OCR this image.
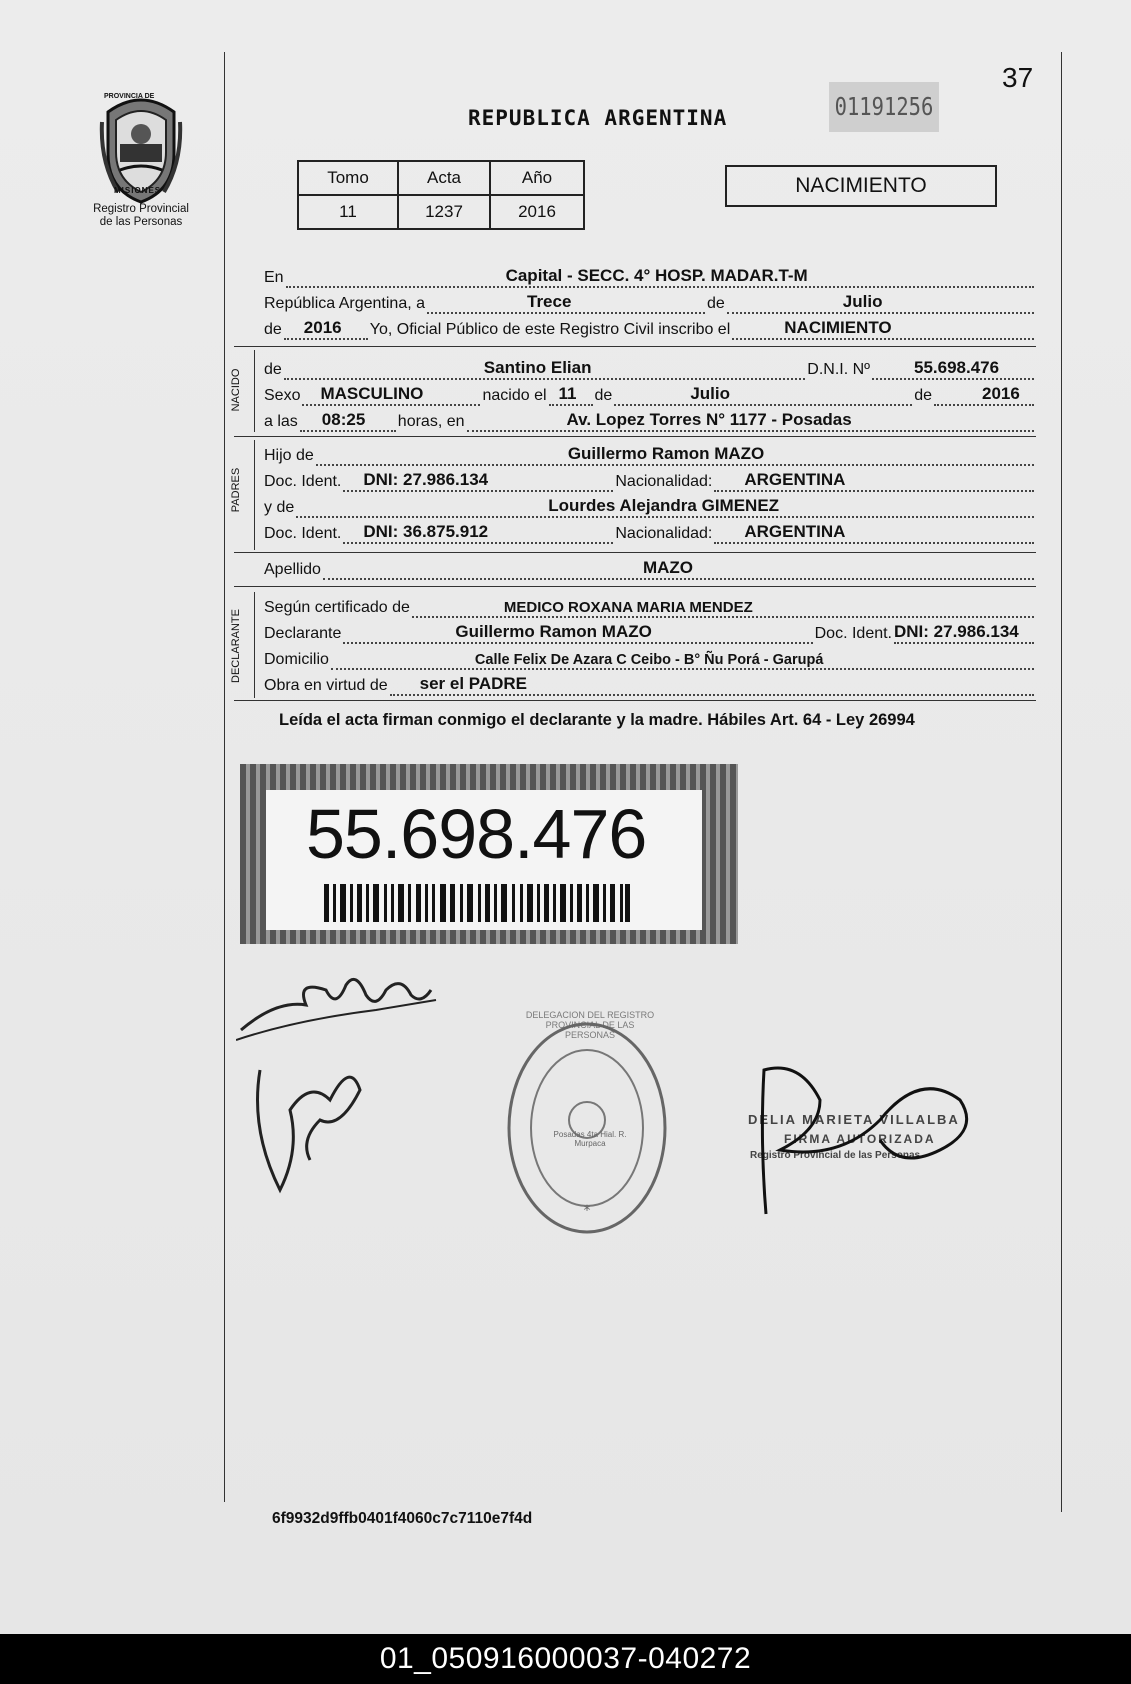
Registro Provincial
de las Personas
PROVINCIA DE
MISIONES
37
REPUBLICA ARGENTINA	01191256
Tomo	Acta	Año
11	1237	2016
NACIMIENTO
En	Capital - SECC. 4° HOSP. MADAR.T-M
República Argentina, a	Trece	de	Julio
de 2016 Yo, Oficial Público de este Registro Civil inscribo el	NACIMIENTO
NACIDO de	Santino Elian	D.N.I. Nº	55.698.476
Sexo MASCULINO	nacido el 11 de	Julio	de	2016
a las 08:25 horas, en	Av. Lopez Torres N° 1177 - Posadas
PADRES
Hijo de	Guillermo Ramon MAZO
Doc. Ident. DNI: 27.986.134	Nacionalidad: ARGENTINA
y de	Lourdes Alejandra GIMENEZ
Doc. Ident. DNI: 36.875.912	Nacionalidad: ARGENTINA
Apellido	MAZO
DECLARANTE
Según certificado de	MEDICO ROXANA MARIA MENDEZ
Declarante	Guillermo Ramon MAZO	Doc. Ident. DNI: 27.986.134
Domicilio	Calle Felix De Azara C Ceibo - B° Ñu Porá - Garupá
Obra en virtud de ser el PADRE
Leída el acta firman conmigo el declarante y la madre. Hábiles Art. 64 - Ley 26994
55.698.476
*
DELEGACION DEL REGISTRO PROVINCIAL DE LAS PERSONAS
Posadas 4ta Hial. R. Murpaca
DELIA MARIETA VILLALBA
FIRMA AUTORIZADA
Registro Provincial de las Personas
6f9932d9ffb0401f4060c7c7110e7f4d
01_050916000037-040272
